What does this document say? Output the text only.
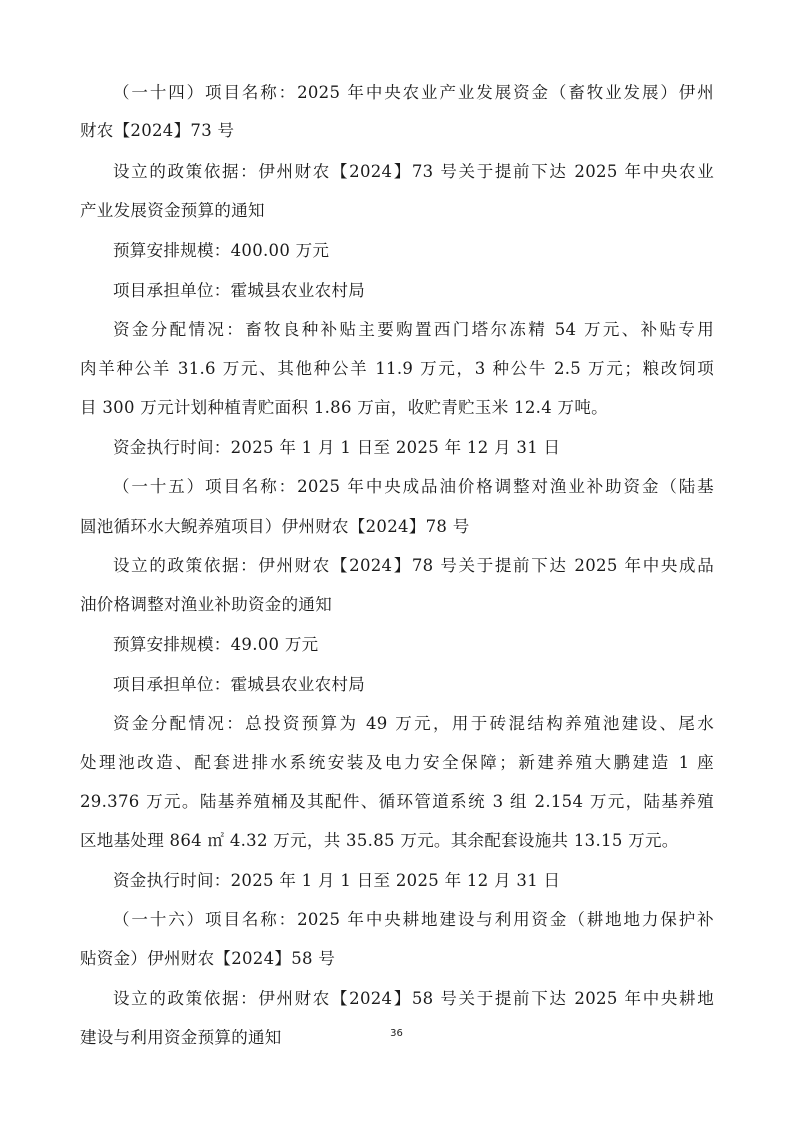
（一十四）项目名称：2025 年中央农业产业发展资金（畜牧业发展）伊州
财农【2024】73 号
设立的政策依据：伊州财农【2024】73 号关于提前下达 2025 年中央农业
产业发展资金预算的通知
预算安排规模：400.00 万元
项目承担单位：霍城县农业农村局
资金分配情况：畜牧良种补贴主要购置西门塔尔冻精 54 万元、补贴专用
肉羊种公羊 31.6 万元、其他种公羊 11.9 万元，3 种公牛 2.5 万元；粮改饲项
目 300 万元计划种植青贮面积 1.86 万亩，收贮青贮玉米 12.4 万吨。
资金执行时间：2025 年 1 月 1 日至 2025 年 12 月 31 日
（一十五）项目名称：2025 年中央成品油价格调整对渔业补助资金（陆基
圆池循环水大鲵养殖项目）伊州财农【2024】78 号
设立的政策依据：伊州财农【2024】78 号关于提前下达 2025 年中央成品
油价格调整对渔业补助资金的通知
预算安排规模：49.00 万元
项目承担单位：霍城县农业农村局
资金分配情况：总投资预算为 49 万元，用于砖混结构养殖池建设、尾水
处理池改造、配套进排水系统安装及电力安全保障；新建养殖大鹏建造 1 座
29.376 万元。陆基养殖桶及其配件、循环管道系统 3 组 2.154 万元，陆基养殖
区地基处理 864 ㎡ 4.32 万元，共 35.85 万元。其余配套设施共 13.15 万元。
资金执行时间：2025 年 1 月 1 日至 2025 年 12 月 31 日
（一十六）项目名称：2025 年中央耕地建设与利用资金（耕地地力保护补
贴资金）伊州财农【2024】58 号
设立的政策依据：伊州财农【2024】58 号关于提前下达 2025 年中央耕地
建设与利用资金预算的通知	36
